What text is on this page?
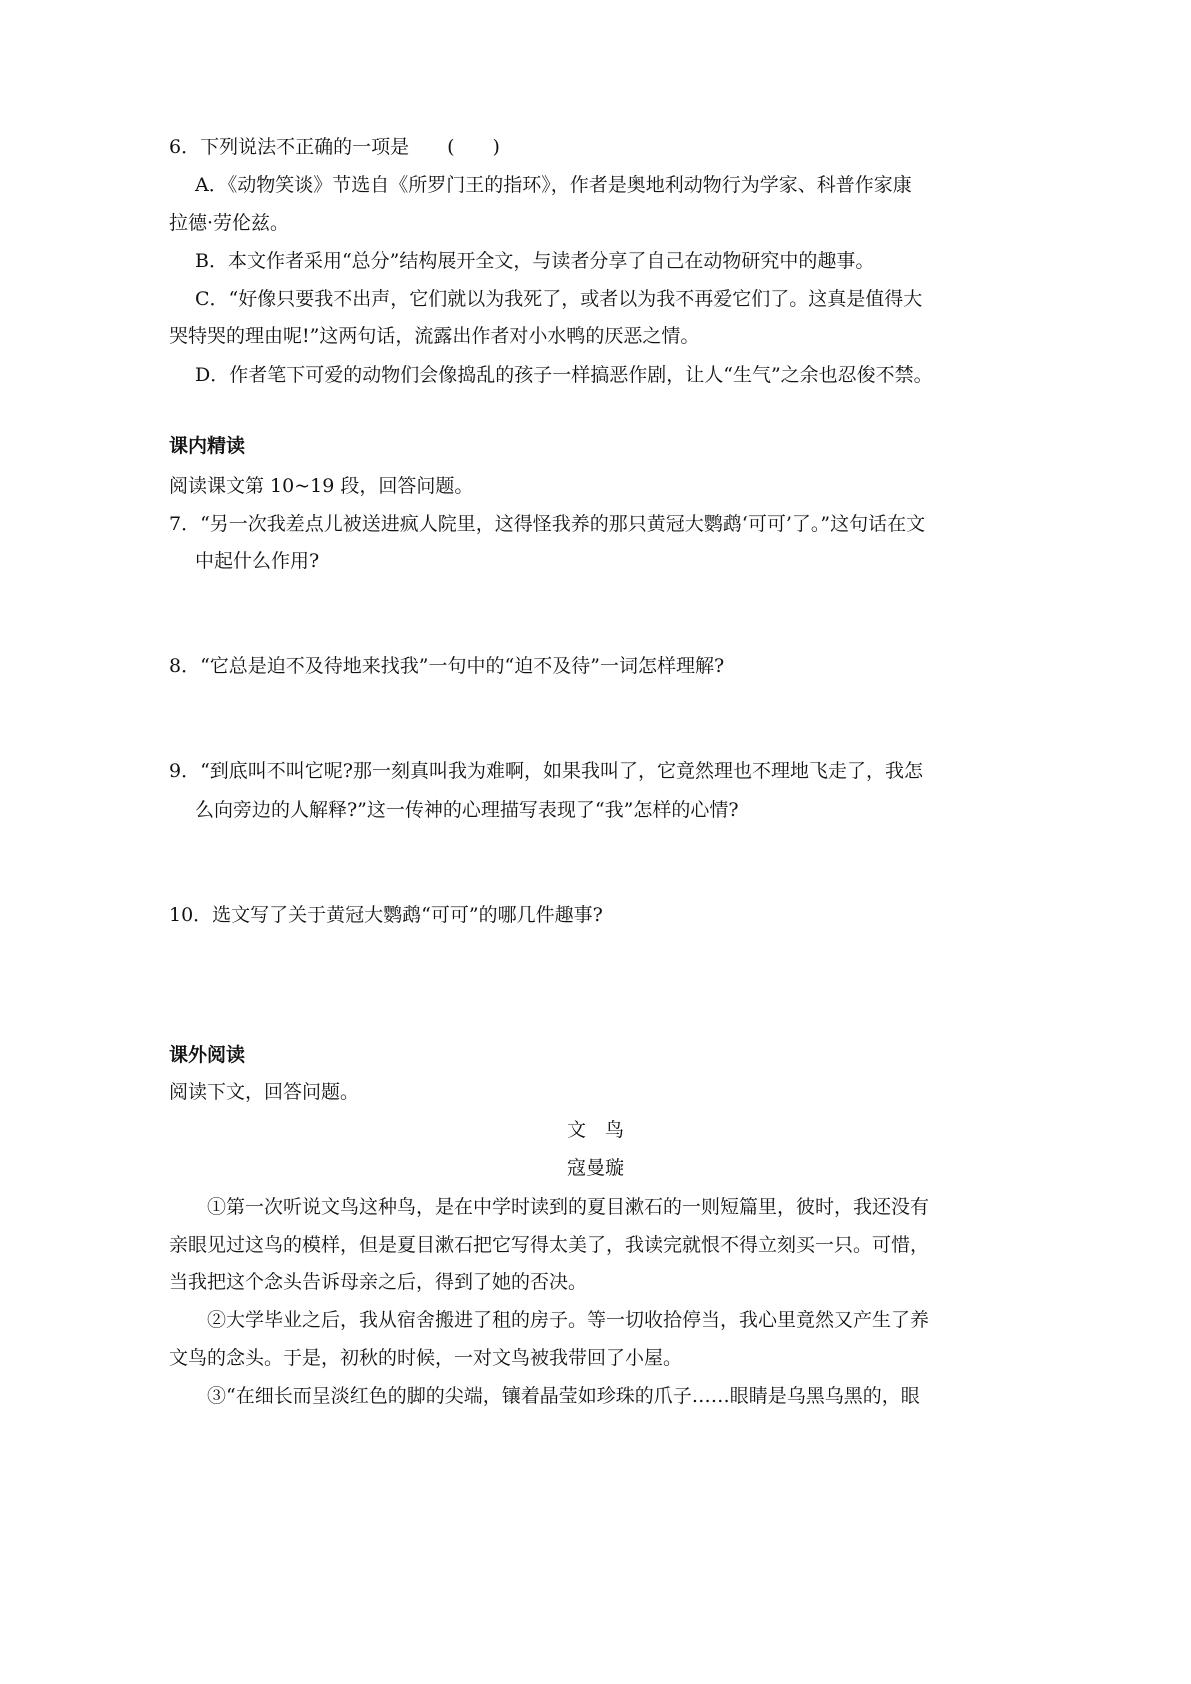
6．下列说法不正确的一项是　　(　　)
A．《动物笑谈》节选自《所罗门王的指环》，作者是奥地利动物行为学家、科普作家康
拉德·劳伦兹。
B．本文作者采用“总分”结构展开全文，与读者分享了自己在动物研究中的趣事。
C．“好像只要我不出声，它们就以为我死了，或者以为我不再爱它们了。这真是值得大
哭特哭的理由呢!”这两句话，流露出作者对小水鸭的厌恶之情。
D．作者笔下可爱的动物们会像捣乱的孩子一样搞恶作剧，让人“生气”之余也忍俊不禁。
课内精读
阅读课文第 10~19 段，回答问题。
7．“另一次我差点儿被送进疯人院里，这得怪我养的那只黄冠大鹦鹉‘可可’了。”这句话在文
中起什么作用?
8．“它总是迫不及待地来找我”一句中的“迫不及待”一词怎样理解?
9．“到底叫不叫它呢?那一刻真叫我为难啊，如果我叫了，它竟然理也不理地飞走了，我怎
么向旁边的人解释?”这一传神的心理描写表现了“我”怎样的心情?
10．选文写了关于黄冠大鹦鹉“可可”的哪几件趣事?
课外阅读
阅读下文，回答问题。
文　鸟
寇曼璇
①第一次听说文鸟这种鸟，是在中学时读到的夏目漱石的一则短篇里，彼时，我还没有
亲眼见过这鸟的模样，但是夏目漱石把它写得太美了，我读完就恨不得立刻买一只。可惜，
当我把这个念头告诉母亲之后，得到了她的否决。
②大学毕业之后，我从宿舍搬进了租的房子。等一切收拾停当，我心里竟然又产生了养
文鸟的念头。于是，初秋的时候，一对文鸟被我带回了小屋。
③“在细长而呈淡红色的脚的尖端，镶着晶莹如珍珠的爪子……眼睛是乌黑乌黑的，眼
